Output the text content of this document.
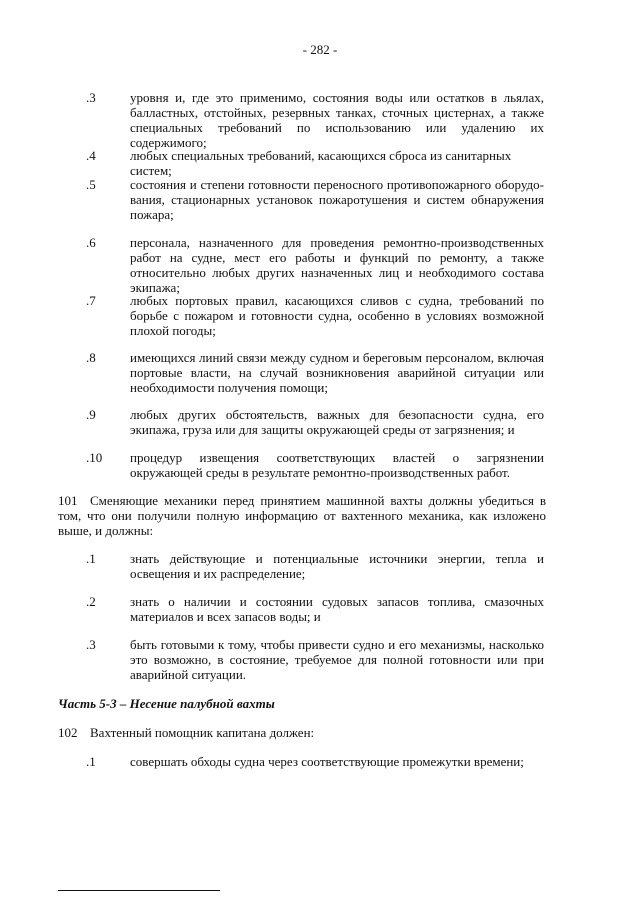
- 282 -
.3	уровня и, где это применимо, состояния воды или остатков в льялах, балластных, отстойных, резервных танках, сточных цистернах, а также специальных требований по использованию или удалению их содержимого;
.4	любых специальных требований, касающихся сброса из санитарных систем;
.5	состояния и степени готовности переносного противопожарного оборудо-вания, стационарных установок пожаротушения и систем обнаружения пожара;
.6	персонала, назначенного для проведения ремонтно-производственных работ на судне, мест его работы и функций по ремонту, а также относительно любых других назначенных лиц и необходимого состава экипажа;
.7	любых портовых правил, касающихся сливов с судна, требований по борьбе с пожаром и готовности судна, особенно в условиях возможной плохой погоды;
.8	имеющихся линий связи между судном и береговым персоналом, включая портовые власти, на случай возникновения аварийной ситуации или необходимости получения помощи;
.9	любых других обстоятельств, важных для безопасности судна, его экипажа, груза или для защиты окружающей среды от загрязнения; и
.10	процедур извещения соответствующих властей о загрязнении окружающей среды в результате ремонтно-производственных работ.
101 Сменяющие механики перед принятием машинной вахты должны убедиться в том, что они получили полную информацию от вахтенного механика, как изложено выше, и должны:
.1	знать действующие и потенциальные источники энергии, тепла и освещения и их распределение;
.2	знать о наличии и состоянии судовых запасов топлива, смазочных материалов и всех запасов воды; и
.3	быть готовыми к тому, чтобы привести судно и его механизмы, насколько это возможно, в состояние, требуемое для полной готовности или при аварийной ситуации.
Часть 5-3 – Несение палубной вахты
102 Вахтенный помощник капитана должен:
.1	совершать обходы судна через соответствующие промежутки времени;
